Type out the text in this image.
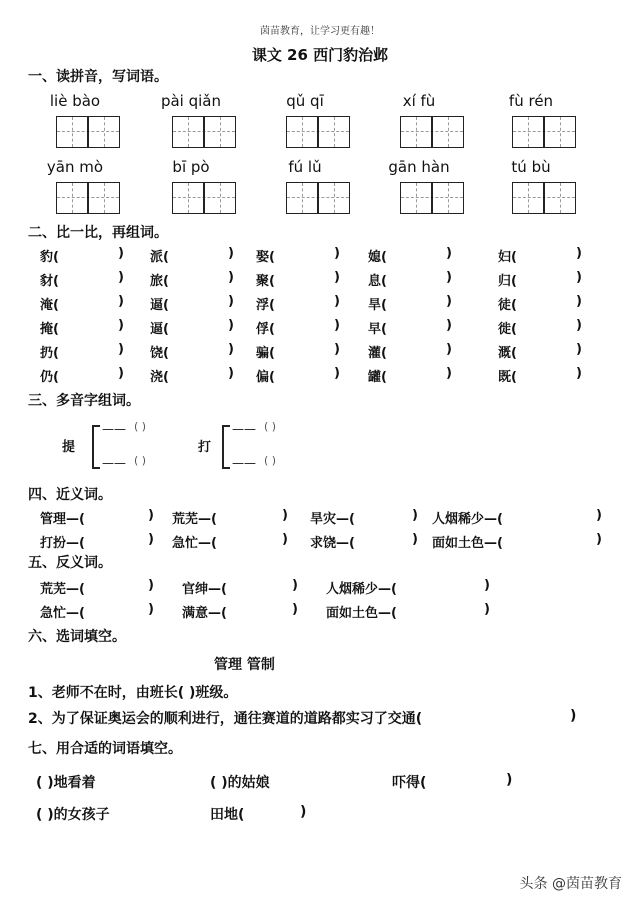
茵苗教育，让学习更有趣！
课文 26 西门豹治邺
一、读拼音，写词语。
liè bào	pài qiǎn	qǔ qī	xí fù	fù rén
yān mò	bī pò	fú lǔ	gān hàn	tú bù
二、比一比，再组词。
豹(	) 派(	) 娶(	) 媳(	)	妇(	)
豺(	) 旅(	) 聚(	) 息(	)	归(	)
淹(	) 逼(	) 浮(	) 旱(	)	徒(	)
掩(	) 逼(	) 俘(	) 早(	)	徙(	)
扔(	) 饶(	) 骗(	) 灌(	)	溉(	)
仍(	) 浇(	) 偏(	) 罐(	)	既(	)
三、多音字组词。
提
—— ( )
—— ( )
打
—— ( )
—— ( )
四、近义词。
管理—(	) 荒芜—(	) 旱灾—(	) 人烟稀少—(	)
打扮—(	) 急忙—(	) 求饶—(	) 面如土色—(	)
五、反义词。
荒芜—(	) 官绅—(	) 人烟稀少—(	)
急忙—(	) 满意—(	) 面如土色—(	)
六、选词填空。
管理 管制
1、老师不在时，由班长( )班级。
2、为了保证奥运会的顺利进行，通往赛道的道路都实习了交通(	)
七、用合适的词语填空。
( )地看着	( )的姑娘	吓得(	)
( )的女孩子	田地(	)
头条 @茵苗教育
